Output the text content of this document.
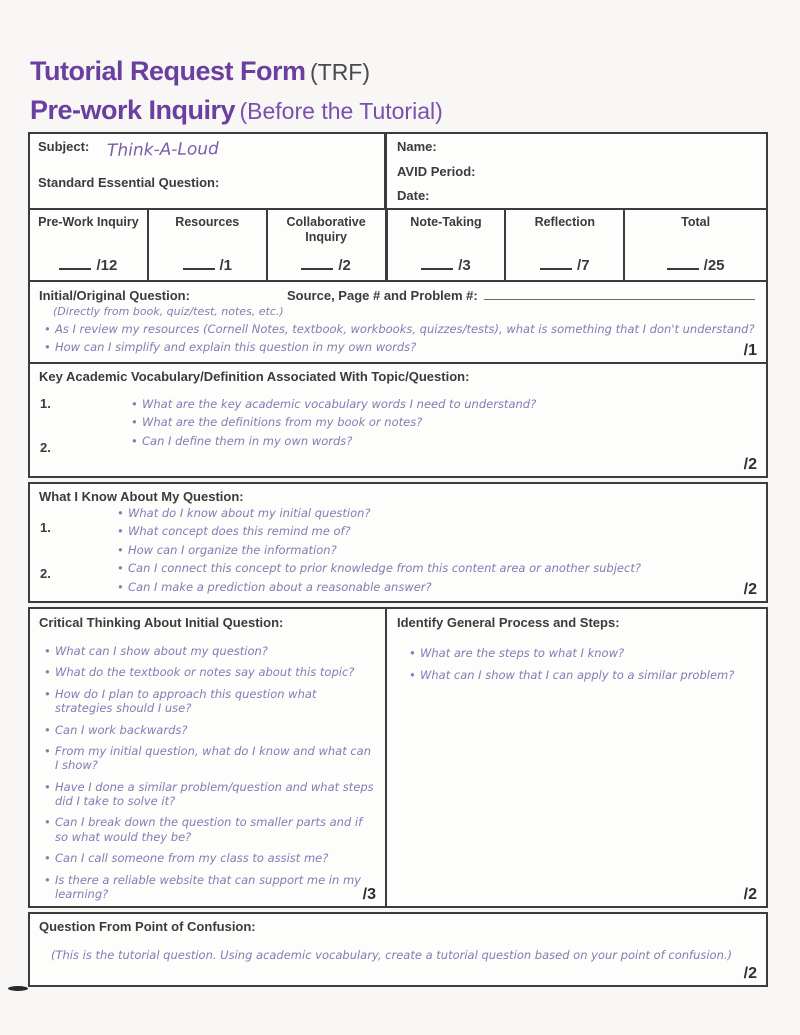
Tutorial Request Form (TRF)
Pre-work Inquiry (Before the Tutorial)
Subject: Think-A-Loud
Standard Essential Question:
Name:
AVID Period:
Date:
Pre-Work Inquiry
/12
Resources
/1
Collaborative Inquiry
/2
Note-Taking
/3
Reflection
/7
Total
/25
Initial/Original Question:	Source, Page # and Problem #:
(Directly from book, quiz/test, notes, etc.)
• As I review my resources (Cornell Notes, textbook, workbooks, quizzes/tests), what is something that I don't understand?
• How can I simplify and explain this question in my own words?	/1
Key Academic Vocabulary/Definition Associated With Topic/Question:
1.
2.
• What are the key academic vocabulary words I need to understand?
• What are the definitions from my book or notes?
• Can I define them in my own words?
/2
What I Know About My Question:
1.
2.
• What do I know about my initial question?
• What concept does this remind me of?
• How can I organize the information?
• Can I connect this concept to prior knowledge from this content area or another subject?
• Can I make a prediction about a reasonable answer?	/2
Critical Thinking About Initial Question:
• What can I show about my question?
• What do the textbook or notes say about this topic?
• How do I plan to approach this question what strategies should I use?
• Can I work backwards?
• From my initial question, what do I know and what can I show?
• Have I done a similar problem/question and what steps did I take to solve it?
• Can I break down the question to smaller parts and if so what would they be?
• Can I call someone from my class to assist me?
• Is there a reliable website that can support me in my learning?	/3
Identify General Process and Steps:
• What are the steps to what I know?
• What can I show that I can apply to a similar problem?
/2
Question From Point of Confusion:
(This is the tutorial question. Using academic vocabulary, create a tutorial question based on your point of confusion.)
/2
